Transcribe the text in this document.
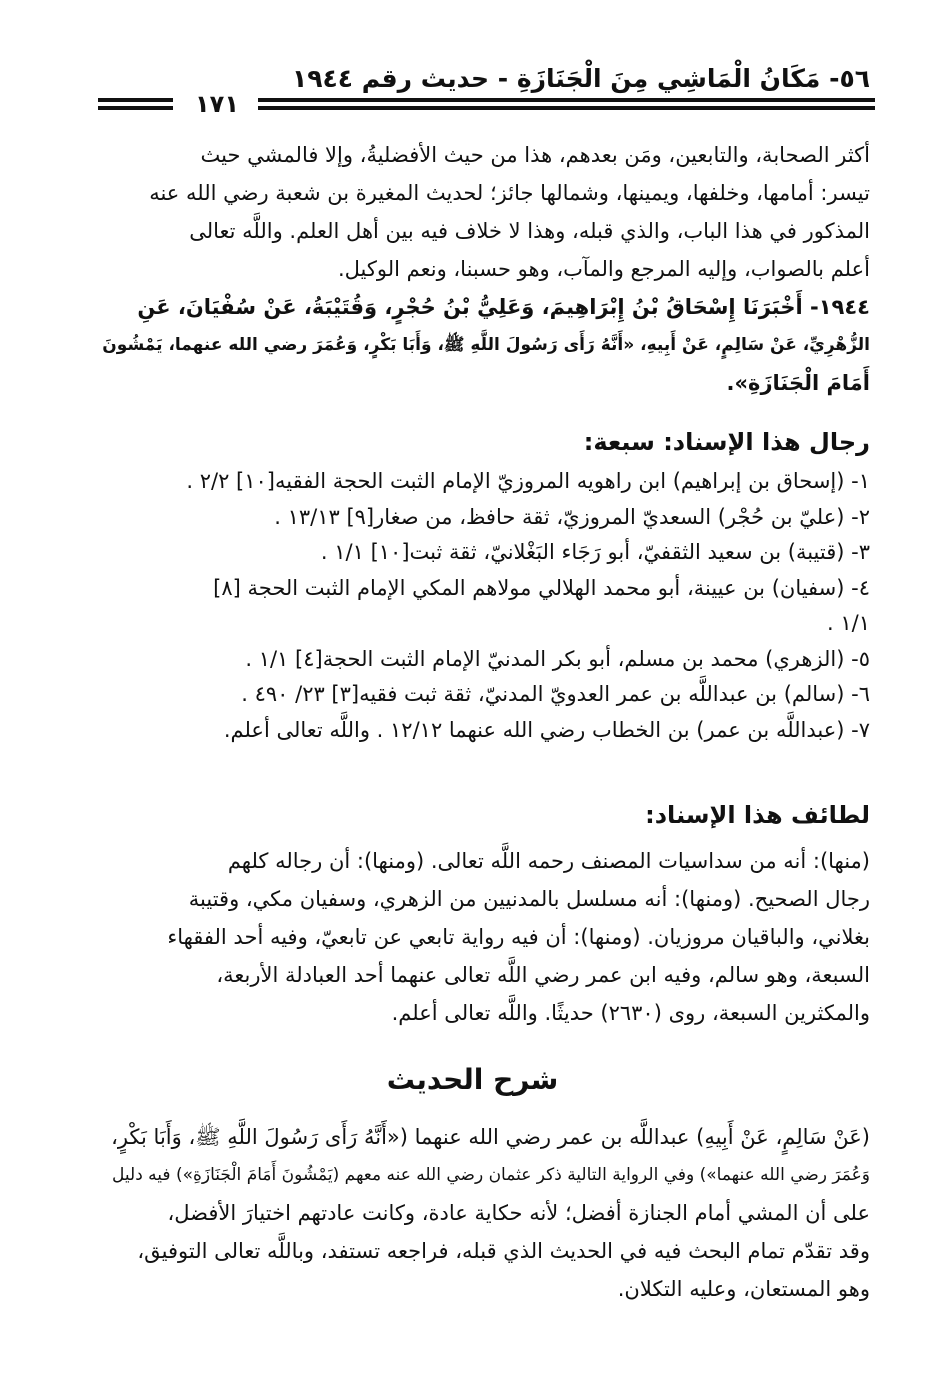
٥٦- مَكَانُ الْمَاشِي مِنَ الْجَنَازَةِ - حديث رقم ١٩٤٤
١٧١
أكثر الصحابة، والتابعين، ومَن بعدهم، هذا من حيث الأفضليةُ، وإلا فالمشي حيث
تيسر: أمامها، وخلفها، ويمينها، وشمالها جائز؛ لحديث المغيرة بن شعبة رضي الله عنه
المذكور في هذا الباب، والذي قبله، وهذا لا خلاف فيه بين أهل العلم. واللَّه تعالى
أعلم بالصواب، وإليه المرجع والمآب، وهو حسبنا، ونعم الوكيل.
١٩٤٤- أَخْبَرَنَا إِسْحَاقُ بْنُ إِبْرَاهِيمَ، وَعَلِيُّ بْنُ حُجْرٍ، وَقُتَيْبَةُ، عَنْ سُفْيَانَ، عَنِ
الزُّهْرِيِّ، عَنْ سَالِمٍ، عَنْ أَبِيهِ، «أَنَّهُ رَأَى رَسُولَ اللَّهِ ﷺ، وَأَبَا بَكْرٍ، وَعُمَرَ رضي الله عنهما، يَمْشُونَ
أَمَامَ الْجَنَازَةِ».
رجال هذا الإسناد: سبعة:
١- (إسحاق بن إبراهيم) ابن راهويه المروزيّ الإمام الثبت الحجة الفقيه[١٠] ٢/٢ .
٢- (عليّ بن حُجْر) السعديّ المروزيّ، ثقة حافظ، من صغار[٩] ١٣/١٣ .
٣- (قتيبة) بن سعيد الثقفيّ، أبو رَجَاء البَغْلانيّ، ثقة ثبت[١٠] ١/١ .
٤- (سفيان) بن عيينة، أبو محمد الهلالي مولاهم المكي الإمام الثبت الحجة [٨]
١/١ .
٥- (الزهري) محمد بن مسلم، أبو بكر المدنيّ الإمام الثبت الحجة[٤] ١/١ .
٦- (سالم) بن عبداللَّه بن عمر العدويّ المدنيّ، ثقة ثبت فقيه[٣] ٢٣/ ٤٩٠ .
٧- (عبداللَّه بن عمر) بن الخطاب رضي الله عنهما ١٢/١٢ . واللَّه تعالى أعلم.
لطائف هذا الإسناد:
(منها): أنه من سداسيات المصنف رحمه اللَّه تعالى. (ومنها): أن رجاله كلهم
رجال الصحيح. (ومنها): أنه مسلسل بالمدنيين من الزهري، وسفيان مكي، وقتيبة
بغلاني، والباقيان مروزيان. (ومنها): أن فيه رواية تابعي عن تابعيّ، وفيه أحد الفقهاء
السبعة، وهو سالم، وفيه ابن عمر رضي اللَّه تعالى عنهما أحد العبادلة الأربعة،
والمكثرين السبعة، روى (٢٦٣٠) حديثًا. واللَّه تعالى أعلم.
شرح الحديث
(عَنْ سَالِمٍ، عَنْ أَبِيهِ) عبداللَّه بن عمر رضي الله عنهما («أَنَّهُ رَأَى رَسُولَ اللَّهِ ﷺ، وَأَبَا بَكْرٍ،
وَعُمَرَ رضي الله عنهما») وفي الرواية التالية ذكر عثمان رضي الله عنه معهم (يَمْشُونَ أَمَامَ الْجَنَازَةِ») فيه دليل
على أن المشي أمام الجنازة أفضل؛ لأنه حكاية عادة، وكانت عادتهم اختيارَ الأفضل،
وقد تقدّم تمام البحث فيه في الحديث الذي قبله، فراجعه تستفد، وباللَّه تعالى التوفيق،
وهو المستعان، وعليه التكلان.
